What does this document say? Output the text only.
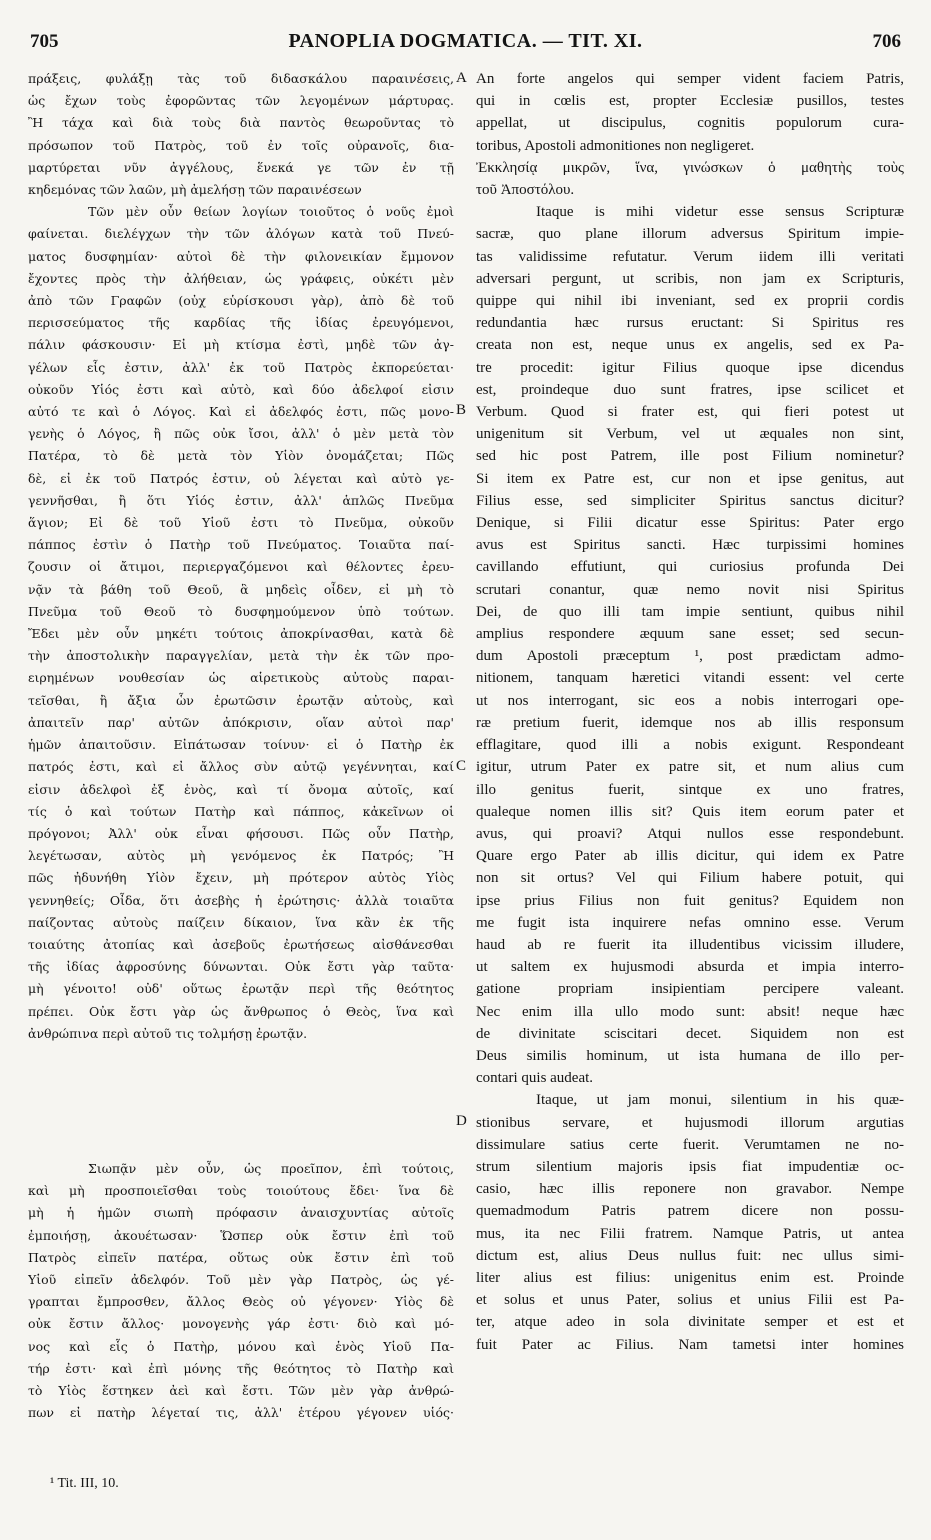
705	PANOPLIA DOGMATICA. — TIT. XI.	706
πράξεις, φυλάξῃ τὰς τοῦ διδασκάλου παραινέσεις,
ὡς ἔχων τοὺς ἐφορῶντας τῶν λεγομένων μάρτυρας.
Ἢ τάχα καὶ διὰ τοὺς διὰ παντὸς θεωροῦντας τὸ
πρόσωπον τοῦ Πατρὸς, τοῦ ἐν τοῖς οὐρανοῖς, δια-
μαρτύρεται νῦν ἀγγέλους, ἕνεκά γε τῶν ἐν τῇ
κηδεμόνας τῶν λαῶν, μὴ ἀμελήσῃ τῶν παραινέσεων
Τῶν μὲν οὖν θείων λογίων τοιοῦτος ὁ νοῦς ἐμοὶ
φαίνεται. διελέγχων τὴν τῶν ἀλόγων κατὰ τοῦ Πνεύ-
ματος δυσφημίαν· αὐτοὶ δὲ τὴν φιλονεικίαν ἔμμονον
ἔχοντες πρὸς τὴν ἀλήθειαν, ὡς γράφεις, οὐκέτι μὲν
ἀπὸ τῶν Γραφῶν (οὐχ εὑρίσκουσι γὰρ), ἀπὸ δὲ τοῦ
περισσεύματος τῆς καρδίας τῆς ἰδίας ἐρευγόμενοι,
πάλιν φάσκουσιν· Εἰ μὴ κτίσμα ἐστὶ, μηδὲ τῶν ἀγ-
γέλων εἷς ἐστιν, ἀλλ' ἐκ τοῦ Πατρὸς ἐκπορεύεται·
οὐκοῦν Υἱός ἐστι καὶ αὐτὸ, καὶ δύο ἀδελφοί εἰσιν
αὐτό τε καὶ ὁ Λόγος. Καὶ εἰ ἀδελφός ἐστι, πῶς μονο-
γενὴς ὁ Λόγος, ἢ πῶς οὐκ ἴσοι, ἀλλ' ὁ μὲν μετὰ τὸν
Πατέρα, τὸ δὲ μετὰ τὸν Υἱὸν ὀνομάζεται; Πῶς
δὲ, εἰ ἐκ τοῦ Πατρός ἐστιν, οὐ λέγεται καὶ αὐτὸ γε-
γεννῆσθαι, ἢ ὅτι Υἱός ἐστιν, ἀλλ' ἁπλῶς Πνεῦμα
ἅγιον; Εἰ δὲ τοῦ Υἱοῦ ἐστι τὸ Πνεῦμα, οὐκοῦν
πάππος ἐστὶν ὁ Πατὴρ τοῦ Πνεύματος. Τοιαῦτα παί-
ζουσιν οἱ ἄτιμοι, περιεργαζόμενοι καὶ θέλοντες ἐρευ-
νᾷν τὰ βάθη τοῦ Θεοῦ, ἃ μηδεὶς οἶδεν, εἰ μὴ τὸ
Πνεῦμα τοῦ Θεοῦ τὸ δυσφημούμενον ὑπὸ τούτων.
Ἔδει μὲν οὖν μηκέτι τούτοις ἀποκρίνασθαι, κατὰ δὲ
τὴν ἀποστολικὴν παραγγελίαν, μετὰ τὴν ἐκ τῶν προ-
ειρημένων νουθεσίαν ὡς αἱρετικοὺς αὐτοὺς παραι-
τεῖσθαι, ἢ ἄξια ὧν ἐρωτῶσιν ἐρωτᾷν αὐτοὺς, καὶ
ἀπαιτεῖν παρ' αὐτῶν ἀπόκρισιν, οἵαν αὐτοὶ παρ'
ἡμῶν ἀπαιτοῦσιν. Εἰπάτωσαν τοίνυν· εἰ ὁ Πατὴρ ἐκ
πατρός ἐστι, καὶ εἰ ἄλλος σὺν αὐτῷ γεγέννηται, καί
εἰσιν ἀδελφοὶ ἐξ ἑνὸς, καὶ τί ὄνομα αὐτοῖς, καί
τίς ὁ καὶ τούτων Πατὴρ καὶ πάππος, κἀκεῖνων οἱ
πρόγονοι; Ἀλλ' οὐκ εἶναι φήσουσι. Πῶς οὖν Πατὴρ,
λεγέτωσαν, αὐτὸς μὴ γενόμενος ἐκ Πατρός; Ἢ
πῶς ἠδυνήθη Υἱὸν ἔχειν, μὴ πρότερον αὐτὸς Υἱὸς
γεννηθείς; Οἶδα, ὅτι ἀσεβὴς ἡ ἐρώτησις· ἀλλὰ τοιαῦτα
παίζοντας αὐτοὺς παίζειν δίκαιον, ἵνα κἂν ἐκ τῆς
τοιαύτης ἀτοπίας καὶ ἀσεβοῦς ἐρωτήσεως αἰσθάνεσθαι
τῆς ἰδίας ἀφροσύνης δύνωνται. Οὐκ ἔστι γὰρ ταῦτα·
μὴ γένοιτο! οὐδ' οὕτως ἐρωτᾷν περὶ τῆς θεότητος
πρέπει. Οὐκ ἔστι γὰρ ὡς ἄνθρωπος ὁ Θεὸς, ἵνα καὶ
ἀνθρώπινα περὶ αὐτοῦ τις τολμήσῃ ἐρωτᾷν.
Σιωπᾷν μὲν οὖν, ὡς προεῖπον, ἐπὶ τούτοις,
καὶ μὴ προσποιεῖσθαι τοὺς τοιούτους ἔδει· ἵνα δὲ
μὴ ἡ ἡμῶν σιωπὴ πρόφασιν ἀναισχυντίας αὐτοῖς
ἐμποιήσῃ, ἀκουέτωσαν· Ὥσπερ οὐκ ἔστιν ἐπὶ τοῦ
Πατρὸς εἰπεῖν πατέρα, οὕτως οὐκ ἔστιν ἐπὶ τοῦ
Υἱοῦ εἰπεῖν ἀδελφόν. Τοῦ μὲν γὰρ Πατρὸς, ὡς γέ-
γραπται ἔμπροσθεν, ἄλλος Θεὸς οὐ γέγονεν· Υἱὸς δὲ
οὐκ ἔστιν ἄλλος· μονογενὴς γάρ ἐστι· διὸ καὶ μό-
νος καὶ εἷς ὁ Πατὴρ, μόνου καὶ ἑνὸς Υἱοῦ Πα-
τήρ ἐστι· καὶ ἐπὶ μόνης τῆς θεότητος τὸ Πατὴρ καὶ
τὸ Υἱὸς ἕστηκεν ἀεὶ καὶ ἔστι. Τῶν μὲν γὰρ ἀνθρώ-
πων εἰ πατὴρ λέγεταί τις, ἀλλ' ἑτέρου γέγονεν υἱός·
An forte angelos qui semper vident faciem Patris,
qui in cœlis est, propter Ecclesiæ pusillos, testes
appellat, ut discipulus, cognitis populorum cura-
toribus, Apostoli admonitiones non negligeret.
Ἐκκλησίᾳ μικρῶν, ἵνα, γινώσκων ὁ μαθητὴς τοὺς
τοῦ Ἀποστόλου.
Itaque is mihi videtur esse sensus Scripturæ
sacræ, quo plane illorum adversus Spiritum impie-
tas validissime refutatur. Verum iidem illi veritati
adversari pergunt, ut scribis, non jam ex Scripturis,
quippe qui nihil ibi inveniant, sed ex proprii cordis
redundantia hæc rursus eructant: Si Spiritus res
creata non est, neque unus ex angelis, sed ex Pa-
tre procedit: igitur Filius quoque ipse dicendus
est, proindeque duo sunt fratres, ipse scilicet et
Verbum. Quod si frater est, qui fieri potest ut
unigenitum sit Verbum, vel ut æquales non sint,
sed hic post Patrem, ille post Filium nominetur?
Si item ex Patre est, cur non et ipse genitus, aut
Filius esse, sed simpliciter Spiritus sanctus dicitur?
Denique, si Filii dicatur esse Spiritus: Pater ergo
avus est Spiritus sancti. Hæc turpissimi homines
cavillando effutiunt, qui curiosius profunda Dei
scrutari conantur, quæ nemo novit nisi Spiritus
Dei, de quo illi tam impie sentiunt, quibus nihil
amplius respondere æquum sane esset; sed secun-
dum Apostoli præceptum ¹, post prædictam admo-
nitionem, tanquam hæretici vitandi essent: vel certe
ut nos interrogant, sic eos a nobis interrogari ope-
ræ pretium fuerit, idemque nos ab illis responsum
efflagitare, quod illi a nobis exigunt. Respondeant
igitur, utrum Pater ex patre sit, et num alius cum
illo genitus fuerit, sintque ex uno fratres,
qualeque nomen illis sit? Quis item eorum pater et
avus, qui proavi? Atqui nullos esse respondebunt.
Quare ergo Pater ab illis dicitur, qui idem ex Patre
non sit ortus? Vel qui Filium habere potuit, qui
ipse prius Filius non fuit genitus? Equidem non
me fugit ista inquirere nefas omnino esse. Verum
haud ab re fuerit ita illudentibus vicissim illudere,
ut saltem ex hujusmodi absurda et impia interro-
gatione propriam insipientiam percipere valeant.
Nec enim illa ullo modo sunt: absit! neque hæc
de divinitate sciscitari decet. Siquidem non est
Deus similis hominum, ut ista humana de illo per-
contari quis audeat.
Itaque, ut jam monui, silentium in his quæ-
stionibus servare, et hujusmodi illorum argutias
dissimulare satius certe fuerit. Verumtamen ne no-
strum silentium majoris ipsis fiat impudentiæ oc-
casio, hæc illis reponere non gravabor. Nempe
quemadmodum Patris patrem dicere non possu-
mus, ita nec Filii fratrem. Namque Patris, ut antea
dictum est, alius Deus nullus fuit: nec ullus simi-
liter alius est filius: unigenitus enim est. Proinde
et solus et unus Pater, solius et unius Filii est Pa-
ter, atque adeo in sola divinitate semper et est et
fuit Pater ac Filius. Nam tametsi inter homines
A
B
C
D
¹ Tit. III, 10.
